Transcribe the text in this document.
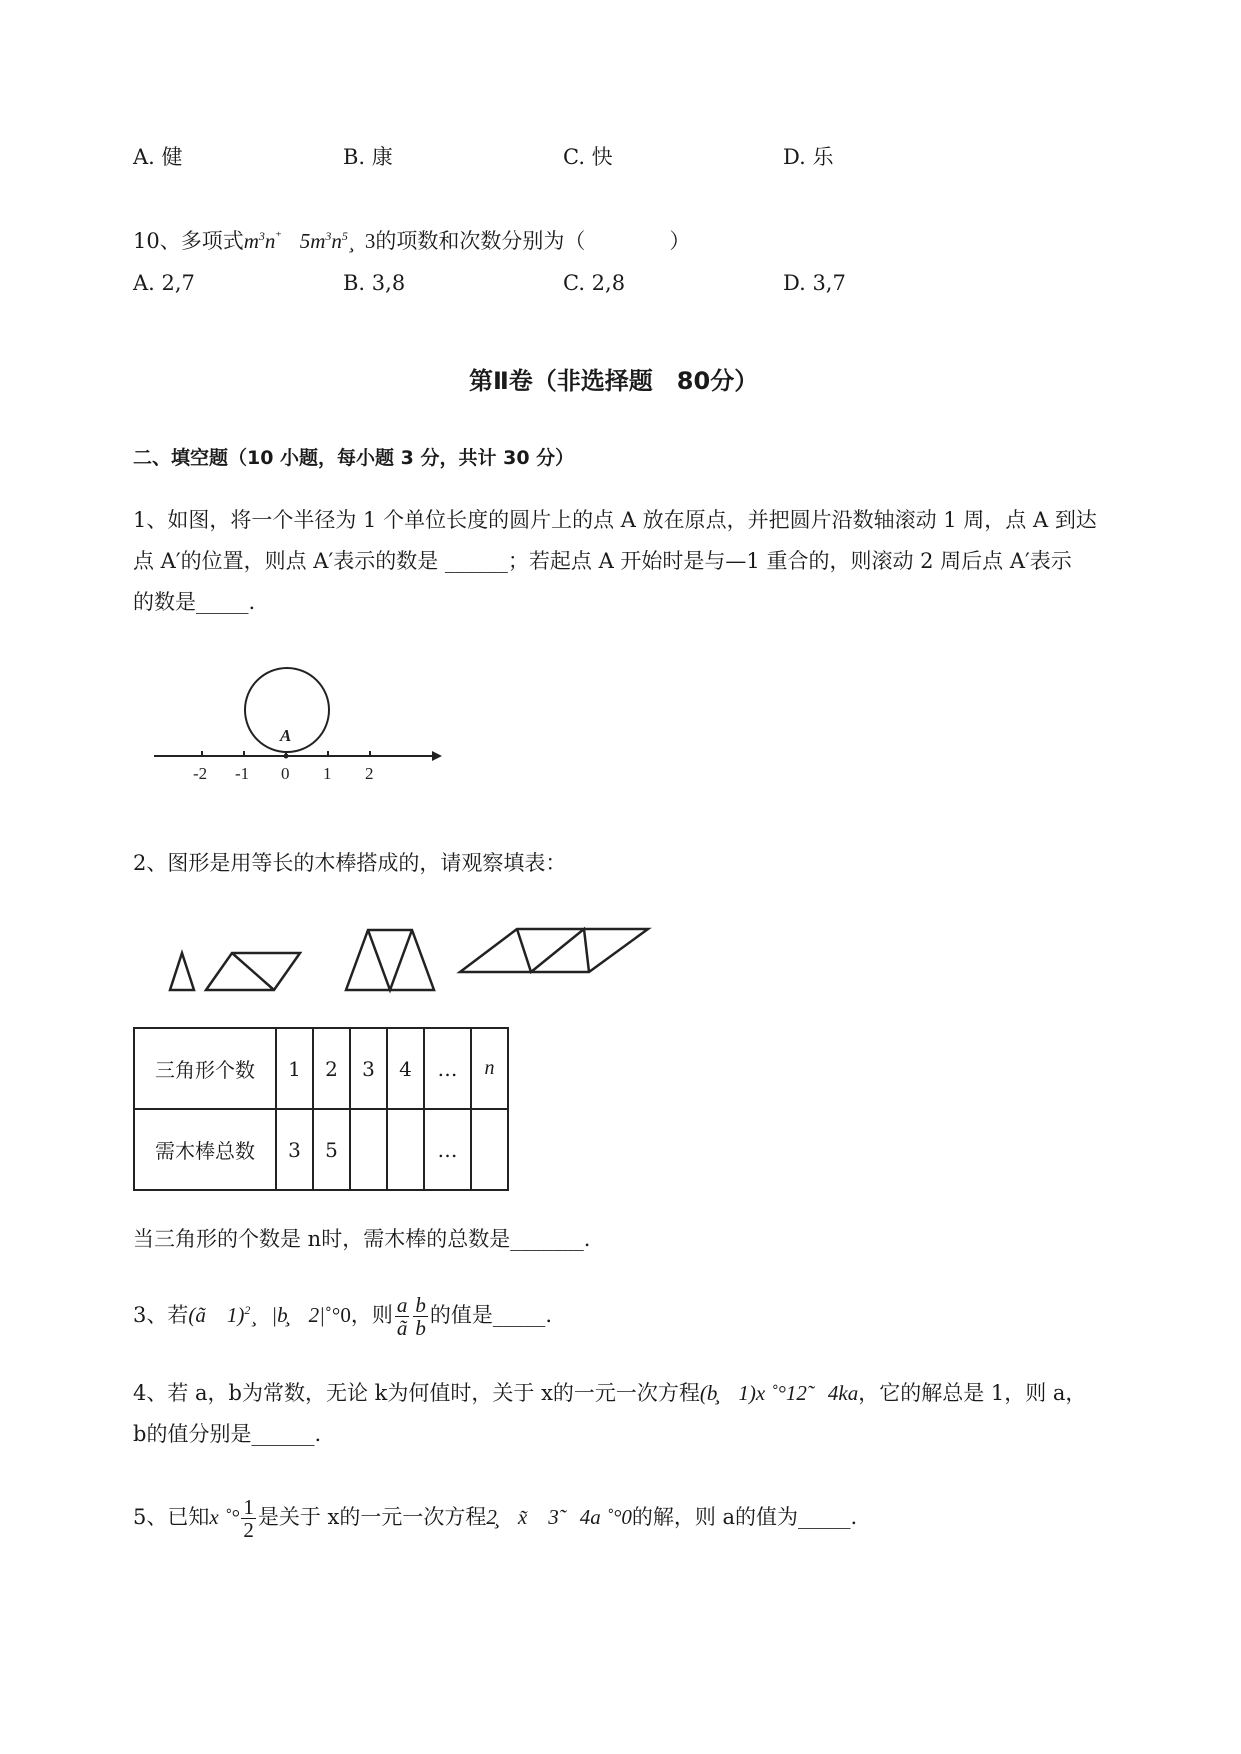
A. 健	B. 康	C. 快	D. 乐
10、多项式$m^3n^{^+}$ $5m^3n^5¸$ 3的项数和次数分别为（　　　　）
A. 2,7	B. 3,8	C. 2,8	D. 3,7
第Ⅱ卷（非选择题　80分）
二、填空题（10 小题，每小题 3 分，共计 30 分）
1、如图，将一个半径为 1 个单位长度的圆片上的点 A 放在原点，并把圆片沿数轴滚动 1 周，点 A 到达
点 A′的位置，则点 A′表示的数是 ______；若起点 A 开始时是与—1 重合的，则滚动 2 周后点 A′表示
的数是_____.
A
-2 -1 0 1 2
2、图形是用等长的木棒搭成的，请观察填表：
三角形个数	1	2	3	4	…	n
需木棒总数	3	5			…	
当三角形的个数是 n时，需木棒的总数是_______.
3、若(ã　1)$^2$¸ |b̧　2|˚°0，则 $\frac{a}{ã} \frac{b}{b}$ 的值是_____.
4、若 a，b为常数，无论 k为何值时，关于 x的一元一次方程(b̧　1)x ˚°12̃　4ka，它的解总是 1，则 a，
b的值分别是______.
5、已知x ˚° $\frac{1}{2}$ 是关于 x的一元一次方程2̧　x̃　3̃　4a ˚°0的解，则 a的值为_____.
